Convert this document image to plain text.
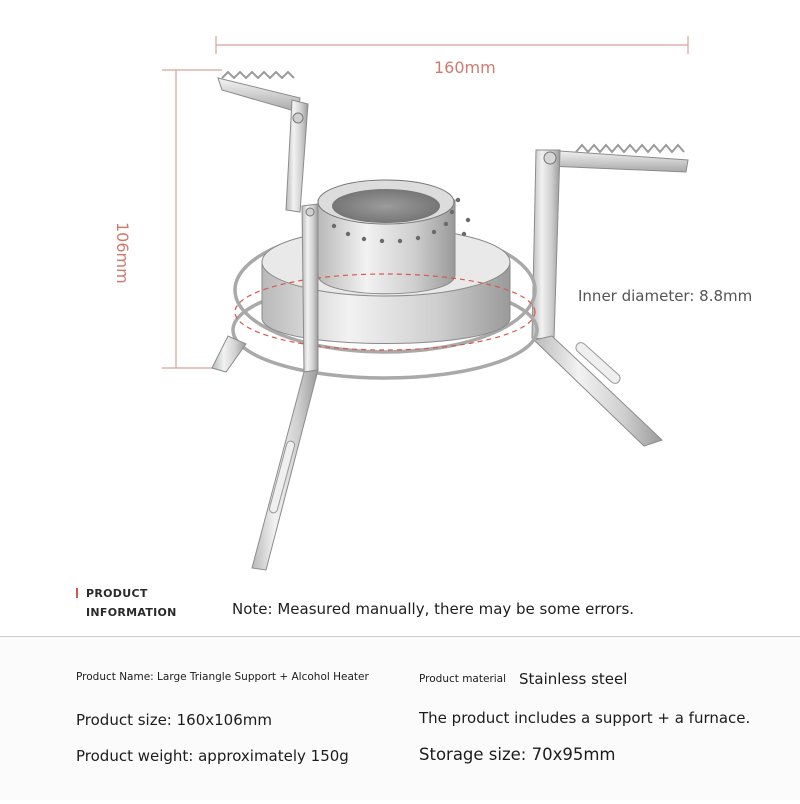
160mm
106mm
Inner diameter: 8.8mm
PRODUCT
INFORMATION	Note: Measured manually, there may be some errors.
Product Name: Large Triangle Support + Alcohol Heater	Product material Stainless steel
Product size: 160x106mm	The product includes a support + a furnace.
Product weight: approximately 150g	Storage size: 70x95mm
